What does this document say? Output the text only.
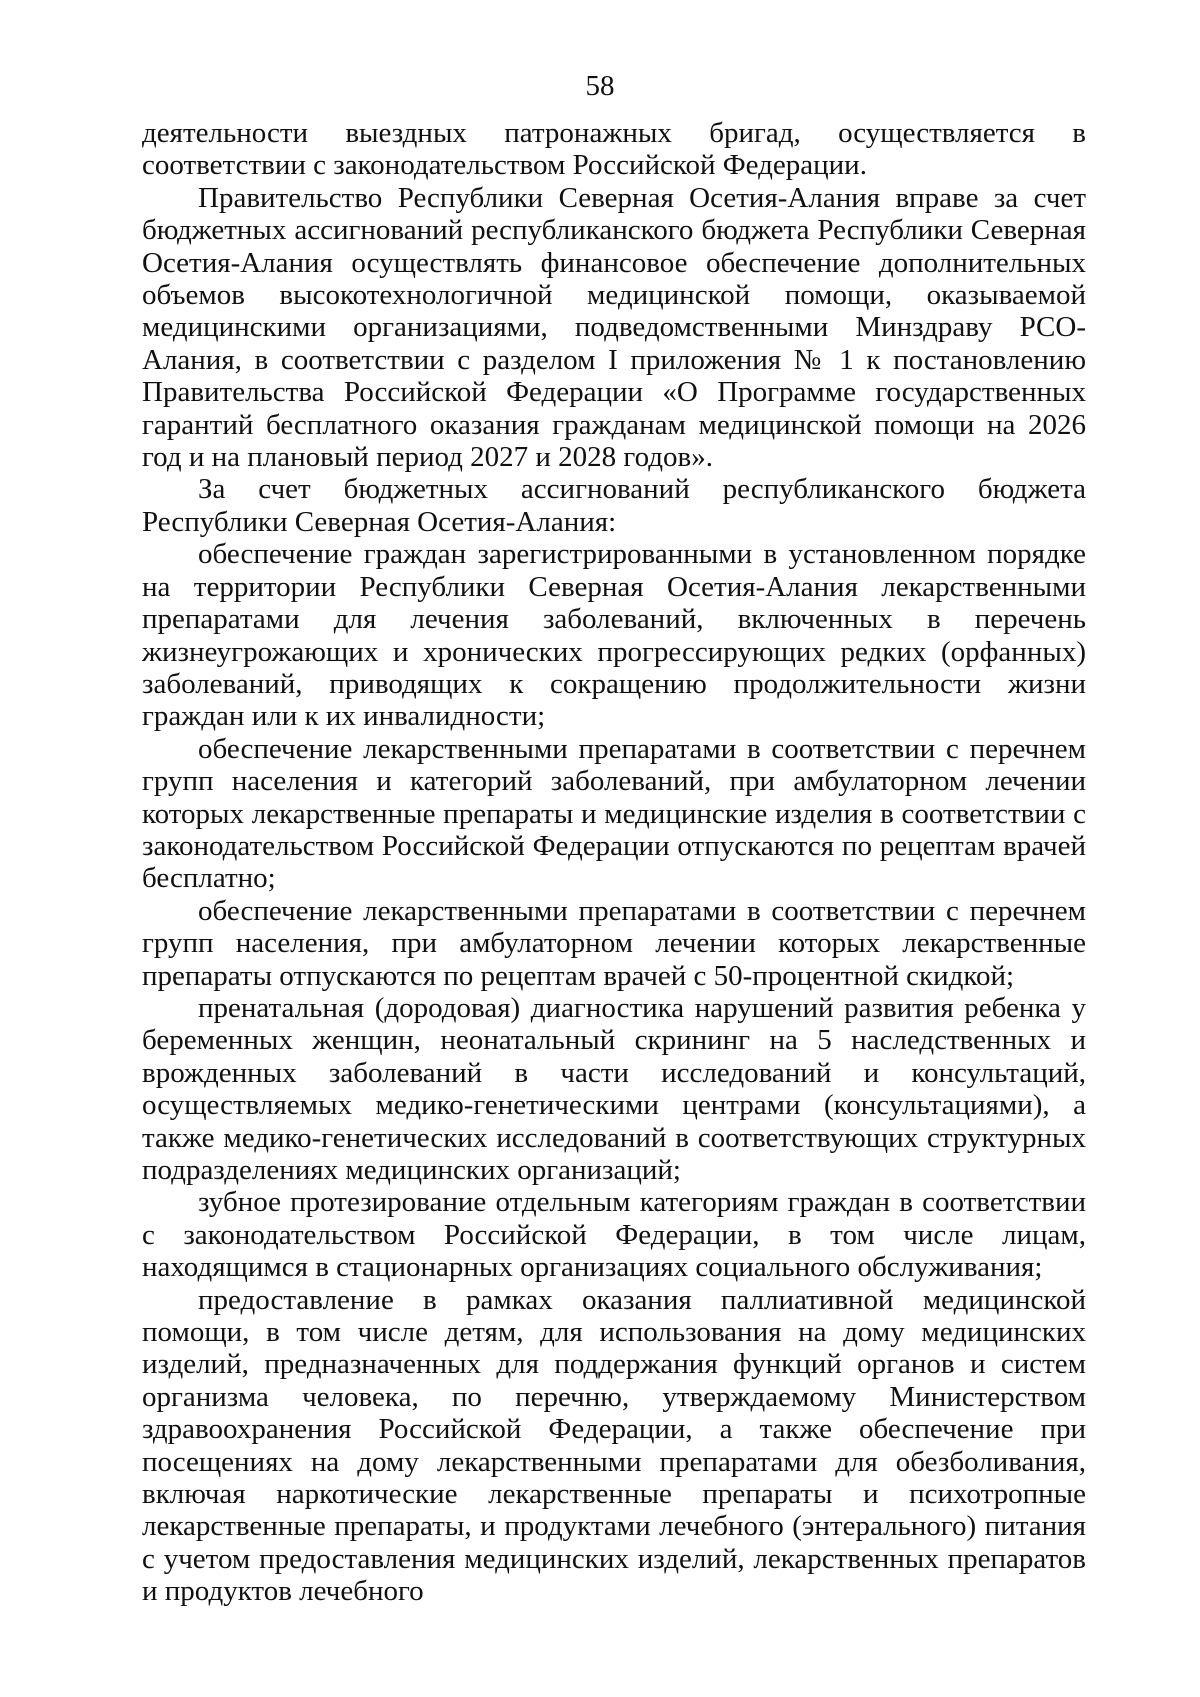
58

деятельности выездных патронажных бригад, осуществляется в соответствии с законодательством Российской Федерации.

Правительство Республики Северная Осетия-Алания вправе за счет бюджетных ассигнований республиканского бюджета Республики Северная Осетия-Алания осуществлять финансовое обеспечение дополнительных объемов высокотехнологичной медицинской помощи, оказываемой медицинскими организациями, подведомственными Минздраву РСО-Алания, в соответствии с разделом I приложения № 1 к постановлению Правительства Российской Федерации «О Программе государственных гарантий бесплатного оказания гражданам медицинской помощи на 2026 год и на плановый период 2027 и 2028 годов».

За счет бюджетных ассигнований республиканского бюджета Республики Северная Осетия-Алания:

обеспечение граждан зарегистрированными в установленном порядке на территории Республики Северная Осетия-Алания лекарственными препаратами для лечения заболеваний, включенных в перечень жизнеугрожающих и хронических прогрессирующих редких (орфанных) заболеваний, приводящих к сокращению продолжительности жизни граждан или к их инвалидности;

обеспечение лекарственными препаратами в соответствии с перечнем групп населения и категорий заболеваний, при амбулаторном лечении которых лекарственные препараты и медицинские изделия в соответствии с законодательством Российской Федерации отпускаются по рецептам врачей бесплатно;

обеспечение лекарственными препаратами в соответствии с перечнем групп населения, при амбулаторном лечении которых лекарственные препараты отпускаются по рецептам врачей с 50-процентной скидкой;

пренатальная (дородовая) диагностика нарушений развития ребенка у беременных женщин, неонатальный скрининг на 5 наследственных и врожденных заболеваний в части исследований и консультаций, осуществляемых медико-генетическими центрами (консультациями), а также медико-генетических исследований в соответствующих структурных подразделениях медицинских организаций;

зубное протезирование отдельным категориям граждан в соответствии с законодательством Российской Федерации, в том числе лицам, находящимся в стационарных организациях социального обслуживания;

предоставление в рамках оказания паллиативной медицинской помощи, в том числе детям, для использования на дому медицинских изделий, предназначенных для поддержания функций органов и систем организма человека, по перечню, утверждаемому Министерством здравоохранения Российской Федерации, а также обеспечение при посещениях на дому лекарственными препаратами для обезболивания, включая наркотические лекарственные препараты и психотропные лекарственные препараты, и продуктами лечебного (энтерального) питания с учетом предоставления медицинских изделий, лекарственных препаратов и продуктов лечебного
